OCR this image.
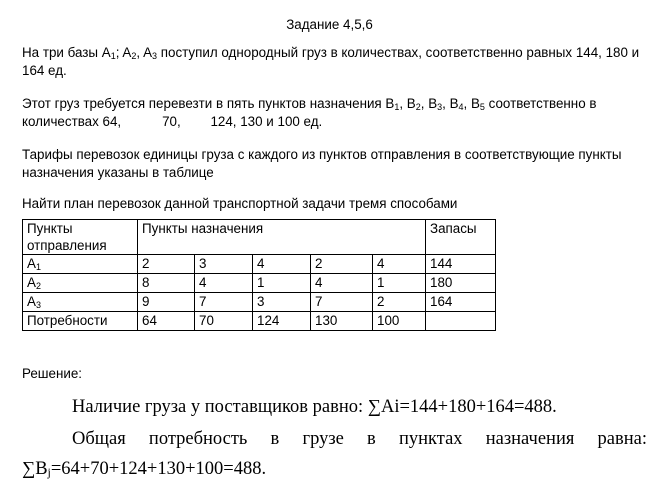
Задание 4,5,6
На три базы $A_1$; $A_2$, $A_3$ поступил однородный груз в количествах, соответственно равных 144, 180 и
164 ед.
Этот груз требуется перевезти в пять пунктов назначения $B_1$, $B_2$, $B_3$, $B_4$, $B_5$ соответственно в
количествах 64,           70,        124, 130 и 100 ед.
Тарифы перевозок единицы груза с каждого из пунктов отправления в соответствующие пункты
назначения указаны в таблице
Найти план перевозок данной транспортной задачи тремя способами
Пункты отправления	Пункты назначения					Запасы
$A_1$	2	3	4	2	4	144
$A_2$	8	4	1	4	1	180
$A_3$	9	7	3	7	2	164
Потребности	64	70	124	130	100	
Решение:
Наличие груза у поставщиков равно: ∑Ai=144+180+164=488.
Общая потребность в грузе в пунктах назначения равна:
$\sum B_j=64+70+124+130+100=488$.
